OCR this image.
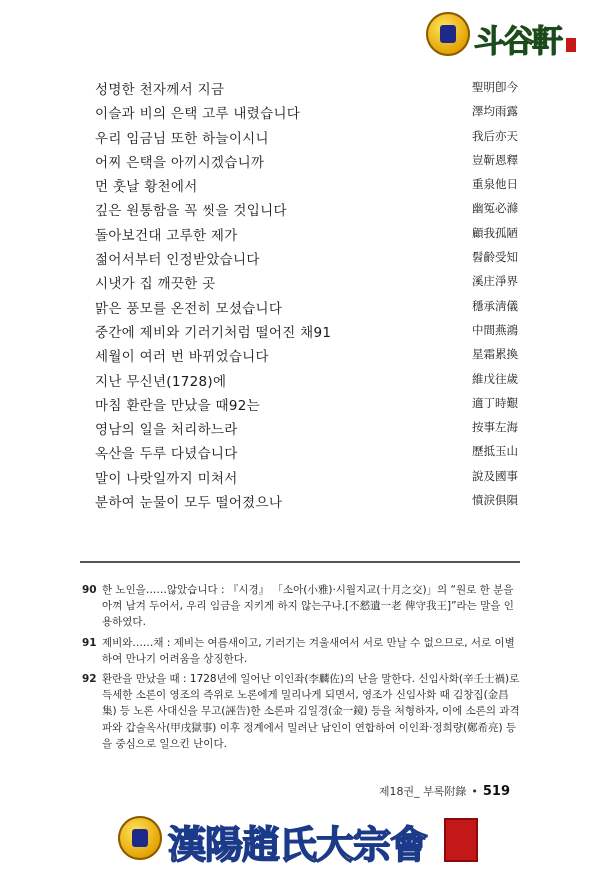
斗谷軒
성명한 천자께서 지금	聖明卽今
이슬과 비의 은택 고루 내렸습니다	澤均雨露
우리 임금님 또한 하늘이시니	我后亦天
어찌 은택을 아끼시겠습니까	豈靳恩釋
먼 훗날 황천에서	重泉他日
깊은 원통함을 꼭 씻을 것입니다	幽冤必滌
돌아보건대 고루한 제가	顧我孤陋
젊어서부터 인정받았습니다	髫齡受知
시냇가 집 깨끗한 곳	溪庄淨界
맑은 풍모를 온전히 모셨습니다	穩承淸儀
중간에 제비와 기러기처럼 떨어진 채91	中間燕鴻
세월이 여러 번 바뀌었습니다	星霜累換
지난 무신년(1728)에	維戊往歲
마침 환란을 만났을 때92는	適丁時艱
영남의 일을 처리하느라	按事左海
옥산을 두루 다녔습니다	歷抵玉山
말이 나랏일까지 미쳐서	說及國事
분하여 눈물이 모두 떨어졌으나	憤淚俱隕
90 한 노인을……않았습니다 : 『시경』 「소아(小雅)·시월지교(十月之交)」의 “원로 한 분을 아껴 남겨 두어서, 우리 임금을 지키게 하지 않는구나.[不憖遺一老 俾守我王]”라는 말을 인용하였다.
91 제비와……채 : 제비는 여름새이고, 기러기는 겨울새여서 서로 만날 수 없으므로, 서로 이별하여 만나기 어려움을 상징한다.
92 환란을 만났을 때 : 1728년에 일어난 이인좌(李麟佐)의 난을 말한다. 신임사화(辛壬士禍)로 득세한 소론이 영조의 즉위로 노론에게 밀리나게 되면서, 영조가 신임사화 때 김창집(金昌集) 등 노론 사대신을 무고(誣告)한 소론파 김일경(金一鏡) 등을 처형하자, 이에 소론의 과격파와 갑술옥사(甲戌獄事) 이후 정계에서 밀려난 남인이 연합하여 이인좌·정희량(鄭希亮) 등을 중심으로 일으킨 난이다.
제18권_ 부록附錄 • 519
漢陽趙氏大宗會
